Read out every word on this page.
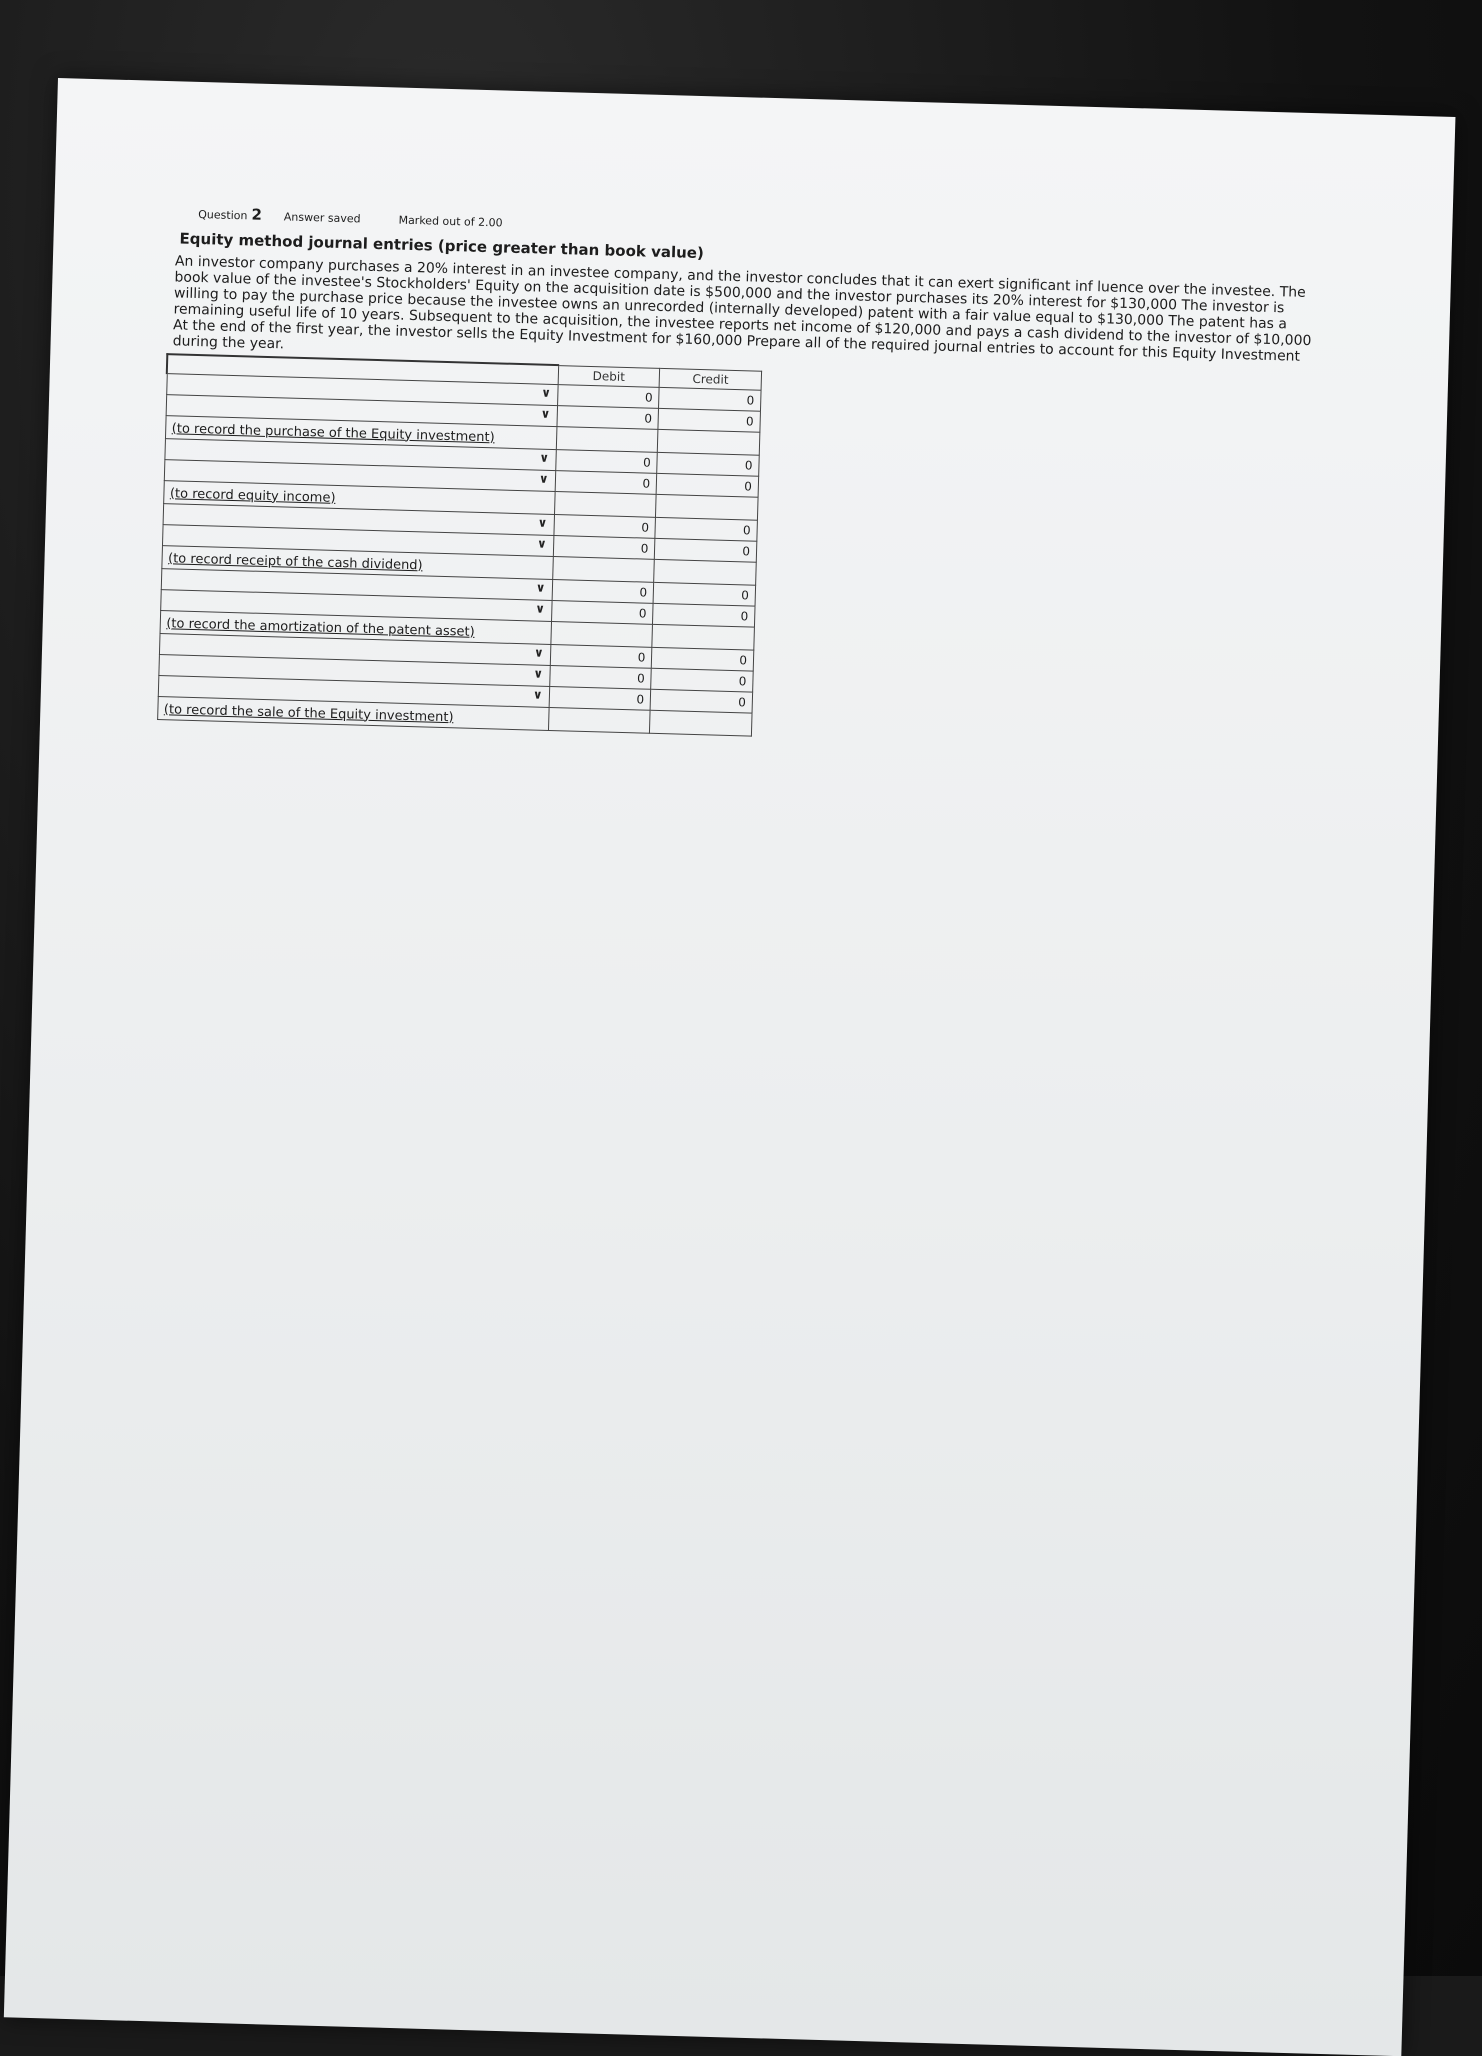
Question 2 Answer saved	Marked out of 2.00
Equity method journal entries (price greater than book value)
An investor company purchases a 20% interest in an investee company, and the investor concludes that it can exert significant inf luence over the investee. The book value of the investee's Stockholders' Equity on the acquisition date is $500,000 and the investor purchases its 20% interest for $130,000 The investor is willing to pay the purchase price because the investee owns an unrecorded (internally developed) patent with a fair value equal to $130,000 The patent has a remaining useful life of 10 years. Subsequent to the acquisition, the investee reports net income of $120,000 and pays a cash dividend to the investor of $10,000 At the end of the first year, the investor sells the Equity Investment for $160,000 Prepare all of the required journal entries to account for this Equity Investment during the year.
	Debit	Credit

∨	0	0

∨	0	0
(to record the purchase of the Equity investment)		

∨	0	0

∨	0	0
(to record equity income)		

∨	0	0

∨	0	0
(to record receipt of the cash dividend)		

∨	0	0

∨	0	0
(to record the amortization of the patent asset)		

∨	0	0

∨	0	0

∨	0	0
(to record the sale of the Equity investment)		
